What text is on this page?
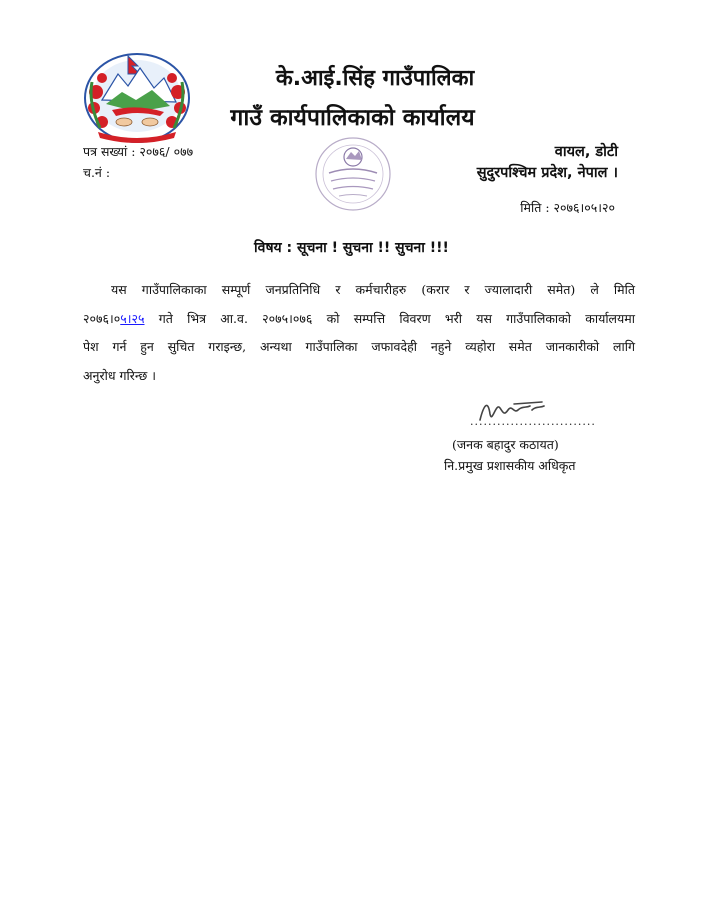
के.आई.सिंह गाउँपालिका
गाउँ कार्यपालिकाको कार्यालय
पत्र सख्यां : २०७६/ ०७७
च.नं :
वायल, डोटी
सुदुरपश्चिम प्रदेश, नेपाल ।
मिति : २०७६।०५।२०
विषय : सूचना ! सुचना !! सुचना !!!
यस गाउँपालिकाका सम्पूर्ण जनप्रतिनिधि र कर्मचारीहरु (करार र ज्यालादारी समेत) ले मिति
२०७६।०५।२५ गते भित्र आ.व. २०७५।०७६ को सम्पत्ति विवरण भरी यस गाउँपालिकाको कार्यालयमा
पेश गर्न हुन सुचित गराइन्छ, अन्यथा गाउँपालिका जफावदेही नहुने व्यहोरा समेत जानकारीको लागि
अनुरोध गरिन्छ ।
............................
(जनक बहादुर कठायत)
नि.प्रमुख प्रशासकीय अधिकृत
